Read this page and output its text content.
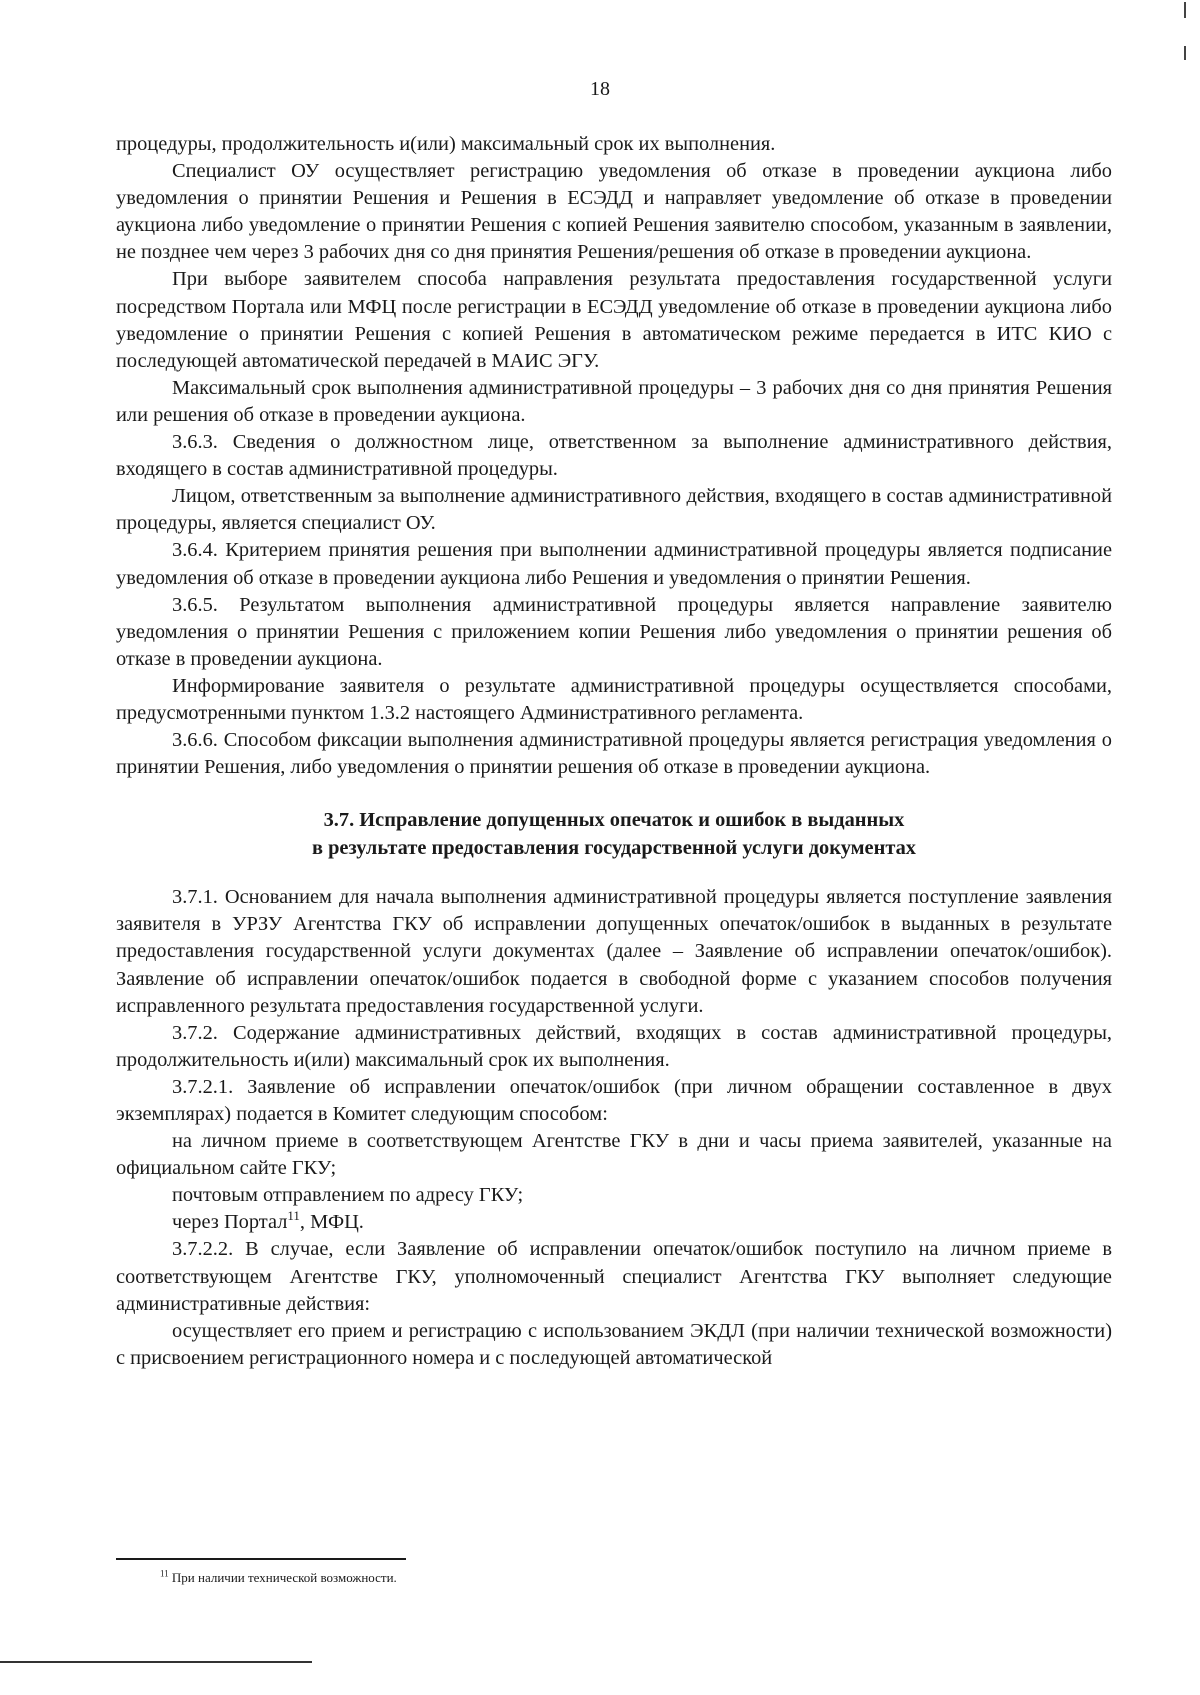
18

процедуры, продолжительность и(или) максимальный срок их выполнения.

Специалист ОУ осуществляет регистрацию уведомления об отказе в проведении аукциона либо уведомления о принятии Решения и Решения в ЕСЭДД и направляет уведомление об отказе в проведении аукциона либо уведомление о принятии Решения с копией Решения заявителю способом, указанным в заявлении, не позднее чем через 3 рабочих дня со дня принятия Решения/решения об отказе в проведении аукциона.

При выборе заявителем способа направления результата предоставления государственной услуги посредством Портала или МФЦ после регистрации в ЕСЭДД уведомление об отказе в проведении аукциона либо уведомление о принятии Решения с копией Решения в автоматическом режиме передается в ИТС КИО с последующей автоматической передачей в МАИС ЭГУ.

Максимальный срок выполнения административной процедуры – 3 рабочих дня со дня принятия Решения или решения об отказе в проведении аукциона.

3.6.3. Сведения о должностном лице, ответственном за выполнение административного действия, входящего в состав административной процедуры.

Лицом, ответственным за выполнение административного действия, входящего в состав административной процедуры, является специалист ОУ.

3.6.4. Критерием принятия решения при выполнении административной процедуры является подписание уведомления об отказе в проведении аукциона либо Решения и уведомления о принятии Решения.

3.6.5. Результатом выполнения административной процедуры является направление заявителю уведомления о принятии Решения с приложением копии Решения либо уведомления о принятии решения об отказе в проведении аукциона.

Информирование заявителя о результате административной процедуры осуществляется способами, предусмотренными пунктом 1.3.2 настоящего Административного регламента.

3.6.6. Способом фиксации выполнения административной процедуры является регистрация уведомления о принятии Решения, либо уведомления о принятии решения об отказе в проведении аукциона.

3.7. Исправление допущенных опечаток и ошибок в выданных
в результате предоставления государственной услуги документах

3.7.1. Основанием для начала выполнения административной процедуры является поступление заявления заявителя в УРЗУ Агентства ГКУ об исправлении допущенных опечаток/ошибок в выданных в результате предоставления государственной услуги документах (далее – Заявление об исправлении опечаток/ошибок). Заявление об исправлении опечаток/ошибок подается в свободной форме с указанием способов получения исправленного результата предоставления государственной услуги.

3.7.2. Содержание административных действий, входящих в состав административной процедуры, продолжительность и(или) максимальный срок их выполнения.

3.7.2.1. Заявление об исправлении опечаток/ошибок (при личном обращении составленное в двух экземплярах) подается в Комитет следующим способом:

на личном приеме в соответствующем Агентстве ГКУ в дни и часы приема заявителей, указанные на официальном сайте ГКУ;

почтовым отправлением по адресу ГКУ;

через Портал$^{11}$, МФЦ.

3.7.2.2. В случае, если Заявление об исправлении опечаток/ошибок поступило на личном приеме в соответствующем Агентстве ГКУ, уполномоченный специалист Агентства ГКУ выполняет следующие административные действия:

осуществляет его прием и регистрацию с использованием ЭКДЛ (при наличии технической возможности) с присвоением регистрационного номера и с последующей автоматической

$^{11}$ При наличии технической возможности.
